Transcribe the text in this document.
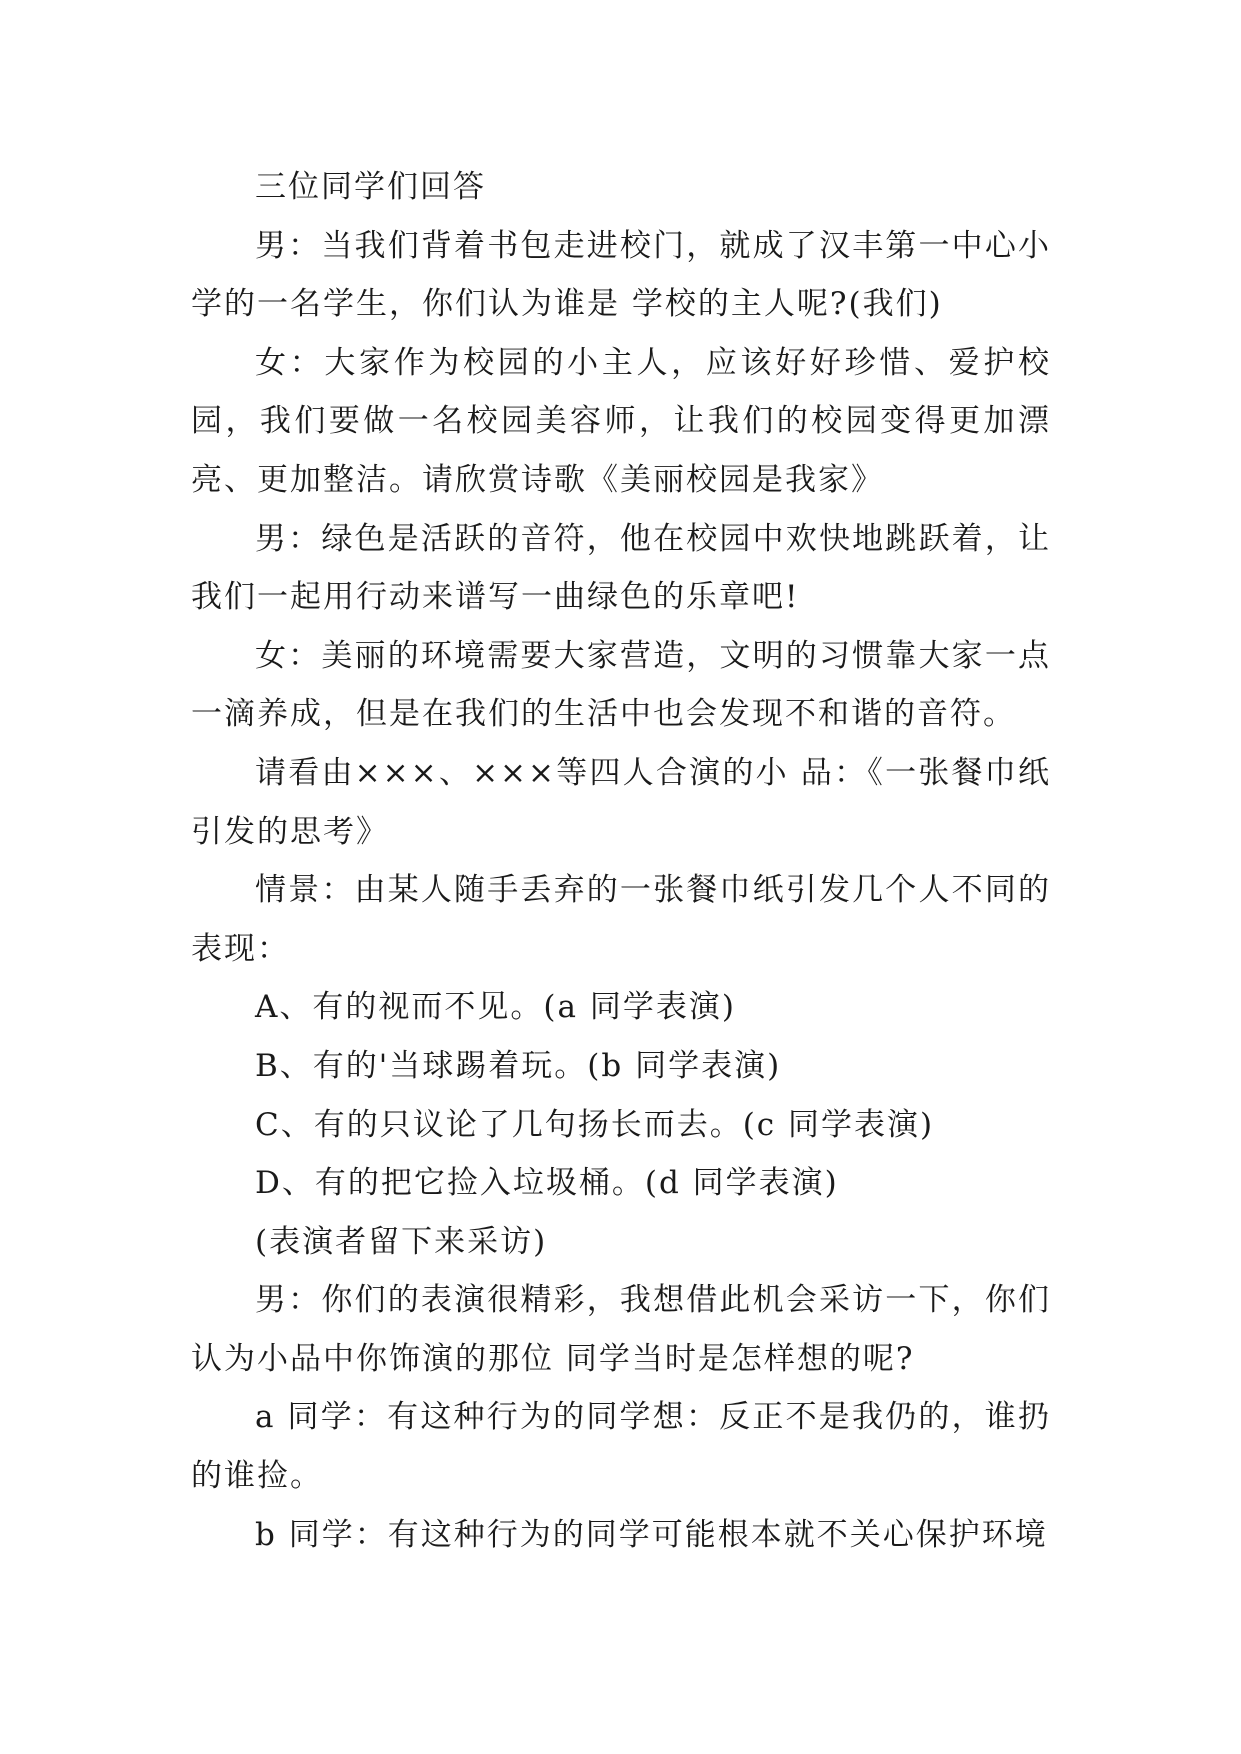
三位同学们回答

男：当我们背着书包走进校门，就成了汉丰第一中心小学的一名学生，你们认为谁是 学校的主人呢?(我们)

女：大家作为校园的小主人，应该好好珍惜、爱护校园，我们要做一名校园美容师，让我们的校园变得更加漂亮、更加整洁。请欣赏诗歌《美丽校园是我家》

男：绿色是活跃的音符，他在校园中欢快地跳跃着，让我们一起用行动来谱写一曲绿色的乐章吧!

女：美丽的环境需要大家营造，文明的习惯靠大家一点一滴养成，但是在我们的生活中也会发现不和谐的音符。

请看由×××、×××等四人合演的小 品：《一张餐巾纸引发的思考》

情景：由某人随手丢弃的一张餐巾纸引发几个人不同的表现：

A、有的视而不见。(a 同学表演)

B、有的'当球踢着玩。(b 同学表演)

C、有的只议论了几句扬长而去。(c 同学表演)

D、有的把它捡入垃圾桶。(d 同学表演)

(表演者留下来采访)

男：你们的表演很精彩，我想借此机会采访一下，你们认为小品中你饰演的那位 同学当时是怎样想的呢?

a 同学：有这种行为的同学想：反正不是我仍的，谁扔的谁捡。

b 同学：有这种行为的同学可能根本就不关心保护环境
